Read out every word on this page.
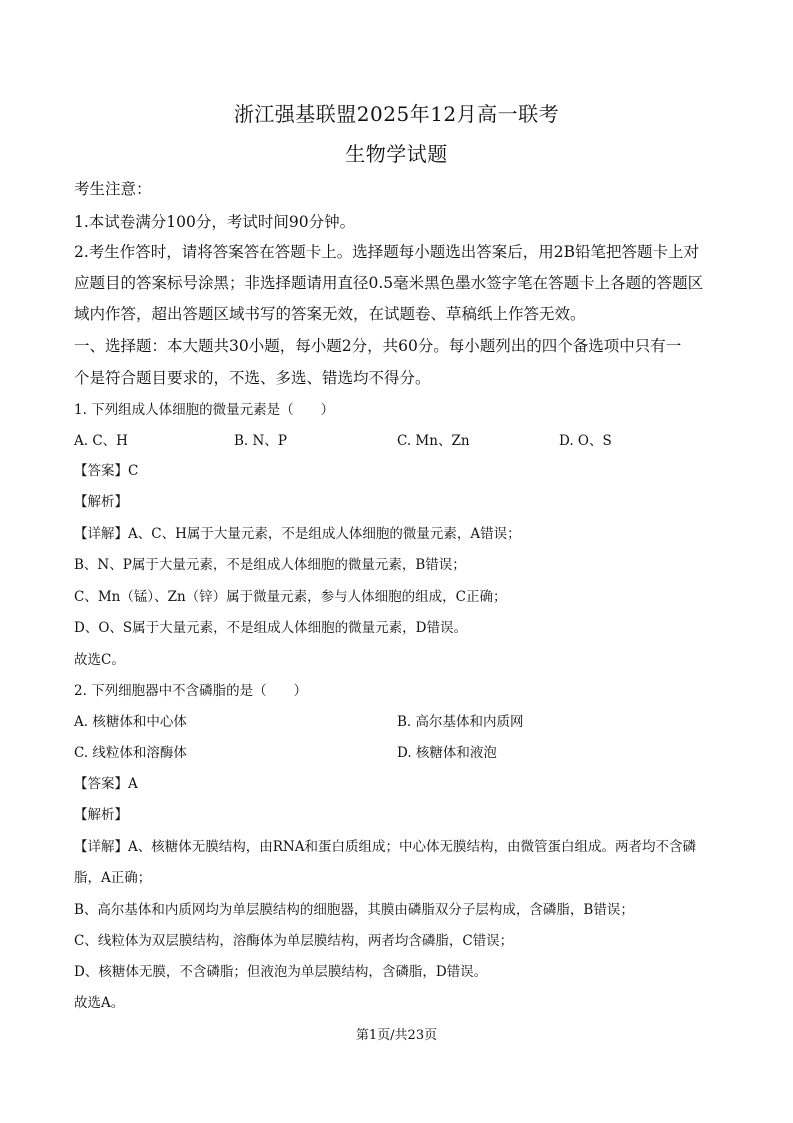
浙江强基联盟2025年12月高一联考
生物学试题
考生注意：
1.本试卷满分100分，考试时间90分钟。
2.考生作答时，请将答案答在答题卡上。选择题每小题选出答案后，用2B铅笔把答题卡上对
应题目的答案标号涂黑；非选择题请用直径0.5毫米黑色墨水签字笔在答题卡上各题的答题区
域内作答，超出答题区域书写的答案无效，在试题卷、草稿纸上作答无效。
一、选择题：本大题共30小题，每小题2分，共60分。每小题列出的四个备选项中只有一
个是符合题目要求的，不选、多选、错选均不得分。
1. 下列组成人体细胞的微量元素是（　　）
A. C、H	B. N、P	C. Mn、Zn	D. O、S
【答案】C
【解析】
【详解】A、C、H属于大量元素，不是组成人体细胞的微量元素，A错误；
B、N、P属于大量元素，不是组成人体细胞的微量元素，B错误；
C、Mn（锰）、Zn（锌）属于微量元素，参与人体细胞的组成，C正确；
D、O、S属于大量元素，不是组成人体细胞的微量元素，D错误。
故选C。
2. 下列细胞器中不含磷脂的是（　　）
A. 核糖体和中心体	B. 高尔基体和内质网
C. 线粒体和溶酶体	D. 核糖体和液泡
【答案】A
【解析】
【详解】A、核糖体无膜结构，由RNA和蛋白质组成；中心体无膜结构，由微管蛋白组成。两者均不含磷
脂，A正确；
B、高尔基体和内质网均为单层膜结构的细胞器，其膜由磷脂双分子层构成，含磷脂，B错误；
C、线粒体为双层膜结构，溶酶体为单层膜结构，两者均含磷脂，C错误；
D、核糖体无膜，不含磷脂；但液泡为单层膜结构，含磷脂，D错误。
故选A。
第1页/共23页
